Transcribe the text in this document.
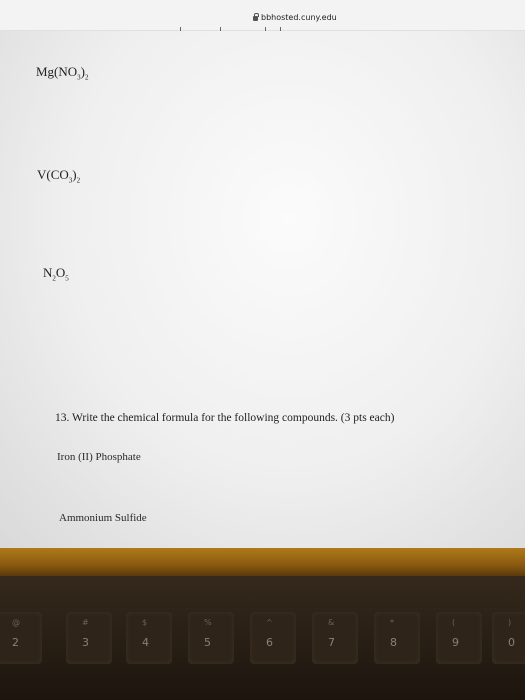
bbhosted.cuny.edu
$Mg(NO_3)_2$
$V(CO_3)_2$
$N_2O_5$
13. Write the chemical formula for the following compounds. (3 pts each)
Iron (II) Phosphate
Ammonium Sulfide
@
2
#
3
$
4
%
5
^
6
&
7
*
8
(
9
)
0
